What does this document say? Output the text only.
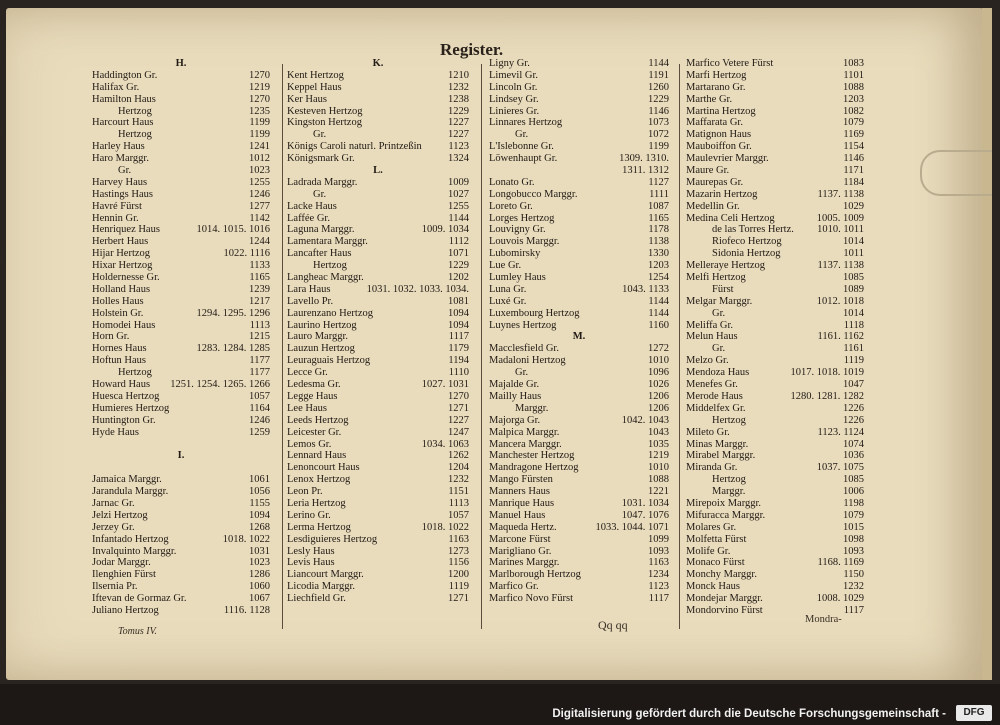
Register.
H.
Haddington Gr.	1270
Halifax Gr.	1219
Hamilton Haus	1270
Hertzog	1235
Harcourt Haus	1199
Hertzog	1199
Harley Haus	1241
Haro Marggr.	1012
Gr.	1023
Harvey Haus	1255
Hastings Haus	1246
Havré Fürst	1277
Hennin Gr.	1142
Henriquez Haus	1014. 1015. 1016
Herbert Haus	1244
Hijar Hertzog	1022. 1116
Hixar Hertzog	1133
Holdernesse Gr.	1165
Holland Haus	1239
Holles Haus	1217
Holstein Gr.	1294. 1295. 1296
Homodei Haus	1113
Horn Gr.	1215
Hornes Haus	1283. 1284. 1285
Hoftun Haus	1177
Hertzog	1177
Howard Haus 1251. 1254. 1265. 1266
Huesca Hertzog	1057
Humieres Hertzog	1164
Huntington Gr.	1246
Hyde Haus	1259
I.
Jamaica Marggr.	1061
Jarandula Marggr.	1056
Jarnac Gr.	1155
Jelzi Hertzog	1094
Jerzey Gr.	1268
Infantado Hertzog	1018. 1022
Invalquinto Marggr.	1031
Jodar Marggr.	1023
Ilenghien Fürst	1286
Ilsernia Pr.	1060
Iftevan de Gormaz Gr.	1067
Juliano Hertzog	1116. 1128
K.
Kent Hertzog	1210
Keppel Haus	1232
Ker Haus	1238
Kesteven Hertzog	1229
Kingston Hertzog	1227
Gr.	1227
Königs Caroli naturl. Printzeßin	1123
Königsmark Gr.	1324
L.
Ladrada Marggr.	1009
Gr.	1027
Lacke Haus	1255
Laffée Gr.	1144
Laguna Marggr.	1009. 1034
Lamentara Marggr.	1112
Lancafter Haus	1071
Hertzog	1229
Langheac Marggr.	1202
Lara Haus	1031. 1032. 1033. 1034.
Lavello Pr.	1081
Laurenzano Hertzog	1094
Laurino Hertzog	1094
Lauro Marggr.	1117
Lauzun Hertzog	1179
Leuraguais Hertzog	1194
Lecce Gr.	1110
Ledesma Gr.	1027. 1031
Legge Haus	1270
Lee Haus	1271
Leeds Hertzog	1227
Leicester Gr.	1247
Lemos Gr.	1034. 1063
Lennard Haus	1262
Lenoncourt Haus	1204
Lenox Hertzog	1232
Leon Pr.	1151
Leria Hertzog	1113
Lerino Gr.	1057
Lerma Hertzog	1018. 1022
Lesdiguieres Hertzog	1163
Lesly Haus	1273
Levis Haus	1156
Liancourt Marggr.	1200
Licodia Marggr.	1119
Liechfield Gr.	1271
Ligny Gr.	1144
Limevil Gr.	1191
Lincoln Gr.	1260
Lindsey Gr.	1229
Linieres Gr.	1146
Linnares Hertzog	1073
Gr.	1072
L'Islebonne Gr.	1199
Löwenhaupt Gr.	1309. 1310.
1311. 1312
Lonato Gr.	1127
Longobucco Marggr.	1111
Loreto Gr.	1087
Lorges Hertzog	1165
Louvigny Gr.	1178
Louvois Marggr.	1138
Lubomirsky	1330
Lue Gr.	1203
Lumley Haus	1254
Luna Gr.	1043. 1133
Luxé Gr.	1144
Luxembourg Hertzog	1144
Luynes Hertzog	1160
M.
Macclesfield Gr.	1272
Madaloni Hertzog	1010
Gr.	1096
Majalde Gr.	1026
Mailly Haus	1206
Marggr.	1206
Majorga Gr.	1042. 1043
Malpica Marggr.	1043
Mancera Marggr.	1035
Manchester Hertzog	1219
Mandragone Hertzog	1010
Mango Fürsten	1088
Manners Haus	1221
Manrique Haus	1031. 1034
Manuel Haus	1047. 1076
Maqueda Hertz.	1033. 1044. 1071
Marcone Fürst	1099
Marigliano Gr.	1093
Marines Marggr.	1163
Marlborough Hertzog	1234
Marfico Gr.	1123
Marfico Novo Fürst	1117
Marfico Vetere Fürst	1083
Marfi Hertzog	1101
Martarano Gr.	1088
Marthe Gr.	1203
Martina Hertzog	1082
Maffarata Gr.	1079
Matignon Haus	1169
Mauboiffon Gr.	1154
Maulevrier Marggr.	1146
Maure Gr.	1171
Maurepas Gr.	1184
Mazarin Hertzog	1137. 1138
Medellin Gr.	1029
Medina Celi Hertzog	1005. 1009
de las Torres Hertz. 1010. 1011
Riofeco Hertzog	1014
Sidonia Hertzog	1011
Melleraye Hertzog	1137. 1138
Melfi Hertzog	1085
Fürst	1089
Melgar Marggr.	1012. 1018
Gr.	1014
Meliffa Gr.	1118
Melun Haus	1161. 1162
Gr.	1161
Melzo Gr.	1119
Mendoza Haus	1017. 1018. 1019
Menefes Gr.	1047
Merode Haus	1280. 1281. 1282
Middelfex Gr.	1226
Hertzog	1226
Mileto Gr.	1123. 1124
Minas Marggr.	1074
Mirabel Marggr.	1036
Miranda Gr.	1037. 1075
Hertzog	1085
Marggr.	1006
Mirepoix Marggr.	1198
Mifuracca Marggr.	1079
Molares Gr.	1015
Molfetta Fürst	1098
Molife Gr.	1093
Monaco Fürst	1168. 1169
Monchy Marggr.	1150
Monck Haus	1232
Mondejar Marggr.	1008. 1029
Mondorvino Fürst	1117
Tomus IV.	Qq qq	Mondra-
Digitalisierung gefördert durch die Deutsche Forschungsgemeinschaft -	DFG
